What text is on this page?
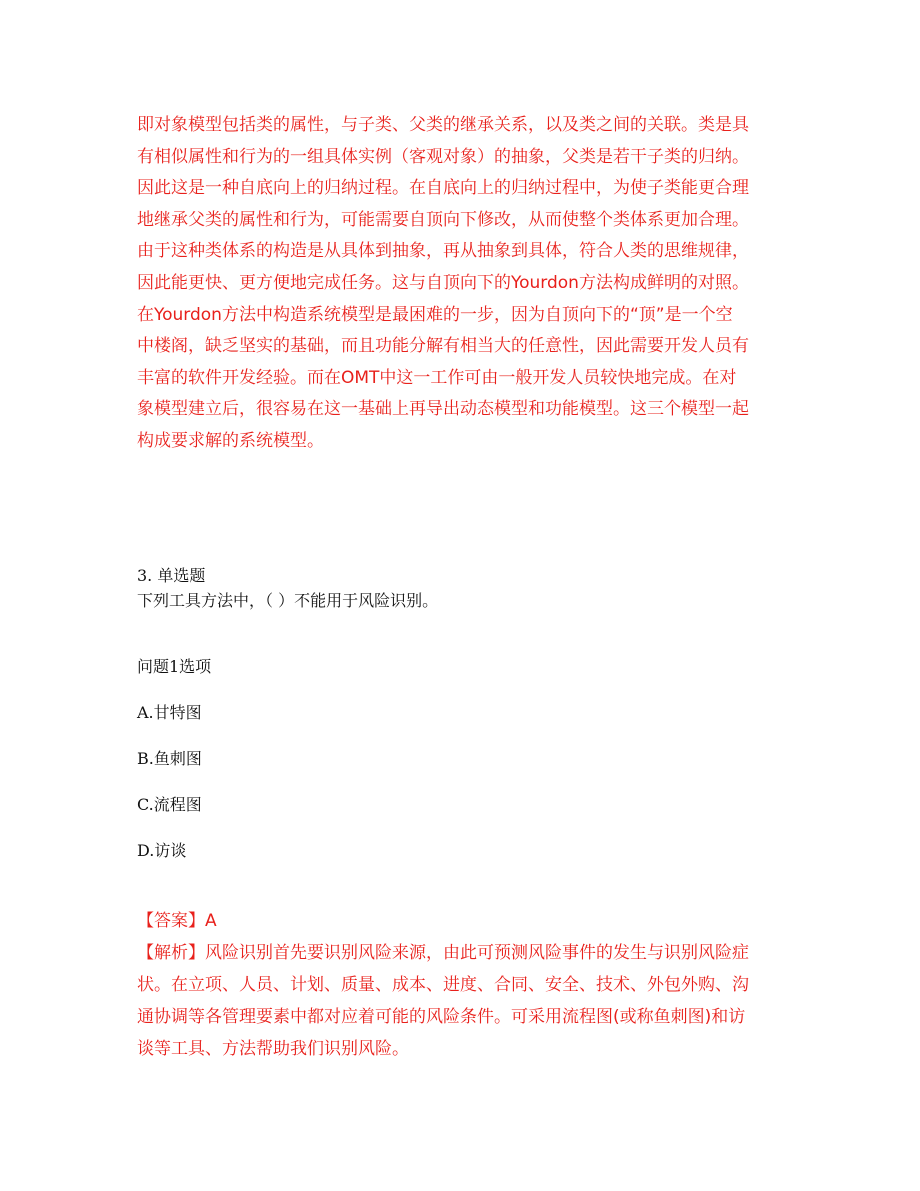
即对象模型包括类的属性，与子类、父类的继承关系，以及类之间的关联。类是具
有相似属性和行为的一组具体实例（客观对象）的抽象，父类是若干子类的归纳。
因此这是一种自底向上的归纳过程。在自底向上的归纳过程中，为使子类能更合理
地继承父类的属性和行为，可能需要自顶向下修改，从而使整个类体系更加合理。
由于这种类体系的构造是从具体到抽象，再从抽象到具体，符合人类的思维规律，
因此能更快、更方便地完成任务。这与自顶向下的Yourdon方法构成鲜明的对照。
在Yourdon方法中构造系统模型是最困难的一步，因为自顶向下的“顶”是一个空
中楼阁，缺乏坚实的基础，而且功能分解有相当大的任意性，因此需要开发人员有
丰富的软件开发经验。而在OMT中这一工作可由一般开发人员较快地完成。在对
象模型建立后，很容易在这一基础上再导出动态模型和功能模型。这三个模型一起
构成要求解的系统模型。
3. 单选题
下列工具方法中，（ ）不能用于风险识别。
问题1选项
A.甘特图
B.鱼刺图
C.流程图
D.访谈
【答案】A
【解析】风险识别首先要识别风险来源，由此可预测风险事件的发生与识别风险症
状。在立项、人员、计划、质量、成本、进度、合同、安全、技术、外包外购、沟
通协调等各管理要素中都对应着可能的风险条件。可采用流程图(或称鱼刺图)和访
谈等工具、方法帮助我们识别风险。
